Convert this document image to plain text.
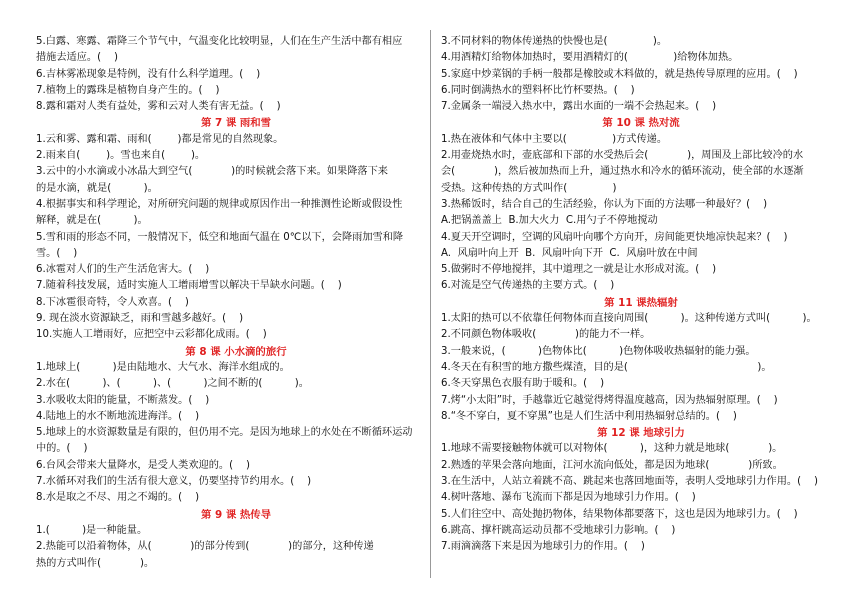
5.白露、寒露、霜降三个节气中，气温变化比较明显，人们在生产生活中都有相应

措施去适应。(    )

6.吉林雾凇现象是特例，没有什么科学道理。(    )

7.植物上的露珠是植物自身产生的。(    )

8.露和霜对人类有益处，雾和云对人类有害无益。(    )

第 7 课 雨和雪

1.云和雾、露和霜、雨和(        )都是常见的自然现象。

2.雨来自(        )。雪也来自(        )。

3.云中的小水滴或小冰晶大到空气(            )的时候就会落下来。如果降落下来

的是水滴，就是(          )。

4.根据事实和科学理论，对所研究问题的规律或原因作出一种推测性论断或假设性

解释，就是在(          )。

5.雪和雨的形态不同，一般情况下，低空和地面气温在 0℃以下，会降雨加雪和降

雪。(    )

6.冰雹对人们的生产生活危害大。(    )

7.随着科技发展，适时实施人工增雨增雪以解决干旱缺水问题。(    )

8.下冰雹很奇特，令人欢喜。(    )

9. 现在淡水资源缺乏，雨和雪越多越好。(    )

10.实施人工增雨好，应把空中云彩都化成雨。(    )

第 8 课 小水滴的旅行

1.地球上(          )是由陆地水、大气水、海洋水组成的。

2.水在(          )、(          )、(          )之间不断的(          )。

3.水吸收太阳的能量，不断蒸发。(    )

4.陆地上的水不断地流进海洋。(    )

5.地球上的水资源数量是有限的，但仍用不完。是因为地球上的水处在不断循环运动

中的。(    )

6.台风会带来大量降水，是受人类欢迎的。(    )

7.水循环对我们的生活有很大意义，仍要坚持节约用水。(    )

8.水是取之不尽、用之不竭的。(    )

第 9 课 热传导

1.(          )是一种能量。

2.热能可以沿着物体，从(            )的部分传到(            )的部分，这种传递

热的方式叫作(            )。

3.不同材料的物体传递热的快慢也是(              )。

4.用酒精灯给物体加热时，要用酒精灯的(              )给物体加热。

5.家庭中炒菜锅的手柄一般都是橡胶或木料做的，就是热传导原理的应用。(    )

6.同时倒满热水的塑料杯比竹杯要热。(    )

7.金属条一端浸入热水中，露出水面的一端不会热起来。(    )

第 10 课 热对流

1.热在液体和气体中主要以(              )方式传递。

2.用壶烧热水时，壶底部和下部的水受热后会(            )，周围及上部比较冷的水

会(            )，然后被加热而上升，通过热水和冷水的循环流动，使全部的水逐渐

受热。这种传热的方式叫作(              )

3.热稀饭时，结合自己的生活经验，你认为下面的方法哪一种最好？(    )

A.把锅盖盖上  B.加大火力  C.用勺子不停地搅动

4.夏天开空调时，空调的风扇叶向哪个方向开，房间能更快地凉快起来？(    )

A.  风扇叶向上开  B.  风扇叶向下开  C.  风扇叶放在中间

5.做粥时不停地搅拌，其中道理之一就是让水形成对流。(    )

6.对流是空气传递热的主要方式。(    )

第 11 课热辐射

1.太阳的热可以不依靠任何物体而直接向周围(          )。这种传递方式叫(          )。

2.不同颜色物体吸收(            )的能力不一样。

3.一般来说，(          )色物体比(          )色物体吸收热辐射的能力强。

4.冬天在有积雪的地方撒些煤渣，目的是(                                        )。

6.冬天穿黑色衣服有助于暖和。(    )

7.烤“小太阳”时，手越靠近它越觉得烤得温度越高，因为热辐射原理。(    )

8.“冬不穿白，夏不穿黑”也是人们生活中利用热辐射总结的。(    )

第 12 课 地球引力

1.地球不需要接触物体就可以对物体(          )，这种力就是地球(            )。

2.熟透的苹果会落向地面，江河水流向低处，都是因为地球(            )所致。

3.在生活中，人站立着跳不高、跳起来也落回地面等，表明人受地球引力作用。(    )

4.树叶落地、瀑布飞流而下都是因为地球引力作用。(    )

5.人们往空中、高处抛扔物体，结果物体都要落下，这也是因为地球引力。(    )

6.跳高、撑杆跳高运动员都不受地球引力影响。(    )

7.雨滴滴落下来是因为地球引力的作用。(    )
